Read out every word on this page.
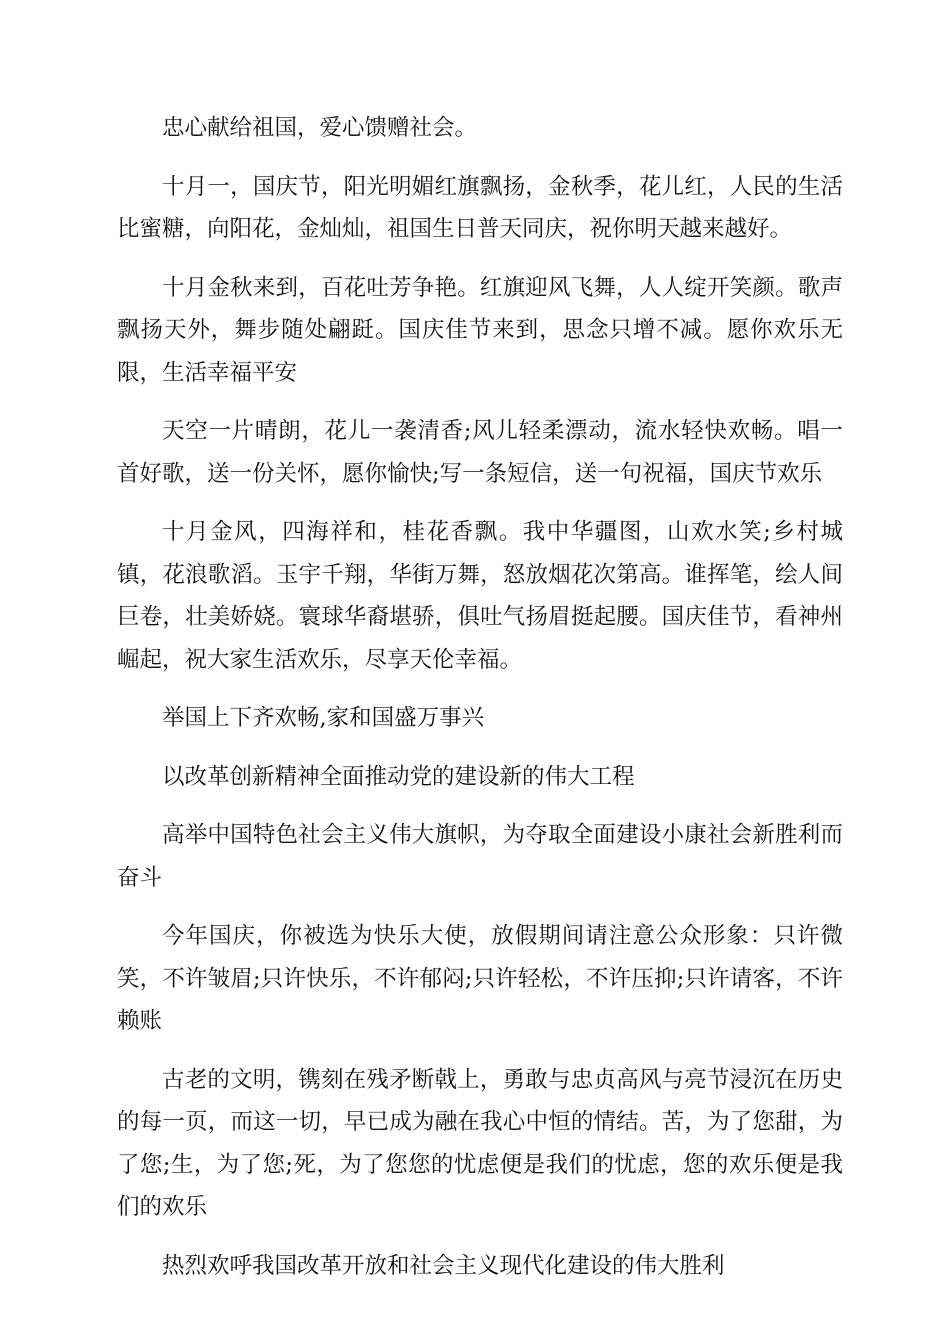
忠心献给祖国，爱心馈赠社会。

十月一，国庆节，阳光明媚红旗飘扬，金秋季，花儿红，人民的生活比蜜糖，向阳花，金灿灿，祖国生日普天同庆，祝你明天越来越好。

十月金秋来到，百花吐芳争艳。红旗迎风飞舞，人人绽开笑颜。歌声飘扬天外，舞步随处翩跹。国庆佳节来到，思念只增不减。愿你欢乐无限，生活幸福平安

天空一片晴朗，花儿一袭清香;风儿轻柔漂动，流水轻快欢畅。唱一首好歌，送一份关怀，愿你愉快;写一条短信，送一句祝福，国庆节欢乐

十月金风，四海祥和，桂花香飘。我中华疆图，山欢水笑;乡村城镇，花浪歌滔。玉宇千翔，华街万舞，怒放烟花次第高。谁挥笔，绘人间巨卷，壮美娇娆。寰球华裔堪骄，俱吐气扬眉挺起腰。国庆佳节，看神州崛起，祝大家生活欢乐，尽享天伦幸福。

举国上下齐欢畅,家和国盛万事兴

以改革创新精神全面推动党的建设新的伟大工程

高举中国特色社会主义伟大旗帜，为夺取全面建设小康社会新胜利而奋斗

今年国庆，你被选为快乐大使，放假期间请注意公众形象：只许微笑，不许皱眉;只许快乐，不许郁闷;只许轻松，不许压抑;只许请客，不许赖账

古老的文明，镌刻在残矛断戟上，勇敢与忠贞高风与亮节浸沉在历史的每一页，而这一切，早已成为融在我心中恒的情结。苦，为了您甜，为了您;生，为了您;死，为了您您的忧虑便是我们的忧虑，您的欢乐便是我们的欢乐

热烈欢呼我国改革开放和社会主义现代化建设的伟大胜利
